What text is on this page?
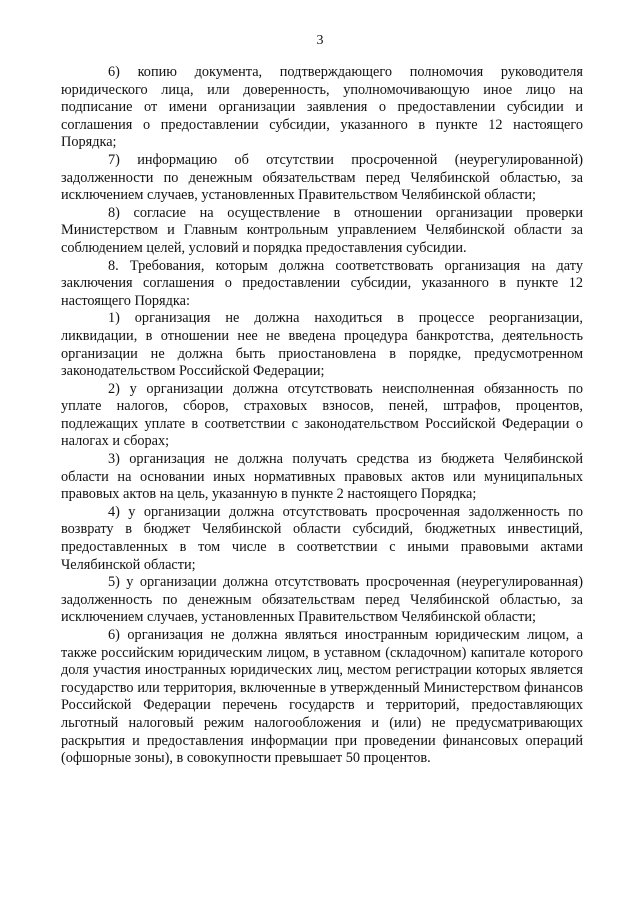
3

6) копию документа, подтверждающего полномочия руководителя юридического лица, или доверенность, уполномочивающую иное лицо на подписание от имени организации заявления о предоставлении субсидии и соглашения о предоставлении субсидии, указанного в пункте 12 настоящего Порядка;

7) информацию об отсутствии просроченной (неурегулированной) задолженности по денежным обязательствам перед Челябинской областью, за исключением случаев, установленных Правительством Челябинской области;

8) согласие на осуществление в отношении организации проверки Министерством и Главным контрольным управлением Челябинской области за соблюдением целей, условий и порядка предоставления субсидии.

8. Требования, которым должна соответствовать организация на дату заключения соглашения о предоставлении субсидии, указанного в пункте 12 настоящего Порядка:

1) организация не должна находиться в процессе реорганизации, ликвидации, в отношении нее не введена процедура банкротства, деятельность организации не должна быть приостановлена в порядке, предусмотренном законодательством Российской Федерации;

2) у организации должна отсутствовать неисполненная обязанность по уплате налогов, сборов, страховых взносов, пеней, штрафов, процентов, подлежащих уплате в соответствии с законодательством Российской Федерации о налогах и сборах;

3) организация не должна получать средства из бюджета Челябинской области на основании иных нормативных правовых актов или муниципальных правовых актов на цель, указанную в пункте 2 настоящего Порядка;

4) у организации должна отсутствовать просроченная задолженность по возврату в бюджет Челябинской области субсидий, бюджетных инвестиций, предоставленных в том числе в соответствии с иными правовыми актами Челябинской области;

5) у организации должна отсутствовать просроченная (неурегулированная) задолженность по денежным обязательствам перед Челябинской областью, за исключением случаев, установленных Правительством Челябинской области;

6) организация не должна являться иностранным юридическим лицом, а также российским юридическим лицом, в уставном (складочном) капитале которого доля участия иностранных юридических лиц, местом регистрации которых является государство или территория, включенные в утвержденный Министерством финансов Российской Федерации перечень государств и территорий, предоставляющих льготный налоговый режим налогообложения и (или) не предусматривающих раскрытия и предоставления информации при проведении финансовых операций (офшорные зоны), в совокупности превышает 50 процентов.
